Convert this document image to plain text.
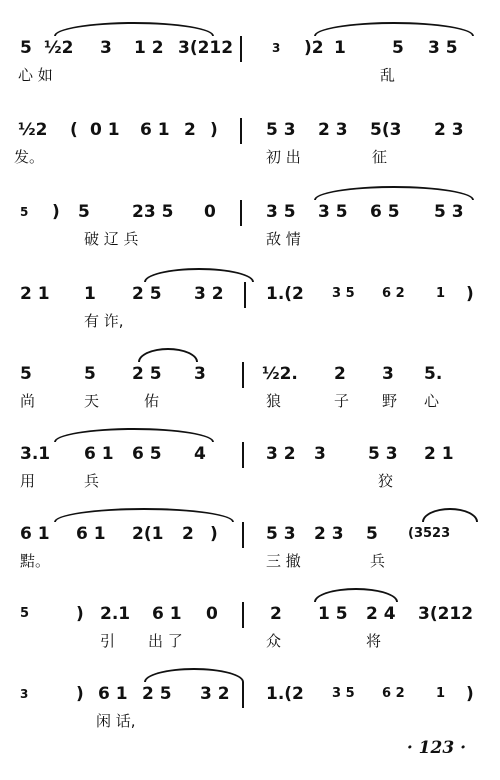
5 ½2 3 1 2 3(212	3 )2 1	5 3 5
心 如	乱
½2 ( 0 1 6 1 2 )	5 3 2 3 5(3 2 3
发。	初 出	征
5 ) 5 23 5 0	3 5 3 5 6 5 5 3
破 辽 兵	敌 情
2 1 1 2 5 3 2 1.(2 3 5 6 2 1 )
有 诈,
5	5 2 5 3	½2. 2 3 5.
尚	天	佑	狼	子 野 心
3.1 6 1 6 5 4	3 2 3 5 3 2 1
用	兵	狡
6 1 6 1 2(1 2 )	5 3 2 3 5 (3523
黠。	三 撤	兵
5	) 2.1 6 1 0	2 1 5 2 4 3(212
引 出 了	众	将
3	) 6 1 2 5 3 2 1.(2 3 5 6 2 1 )
闲 话,
· 123 ·
